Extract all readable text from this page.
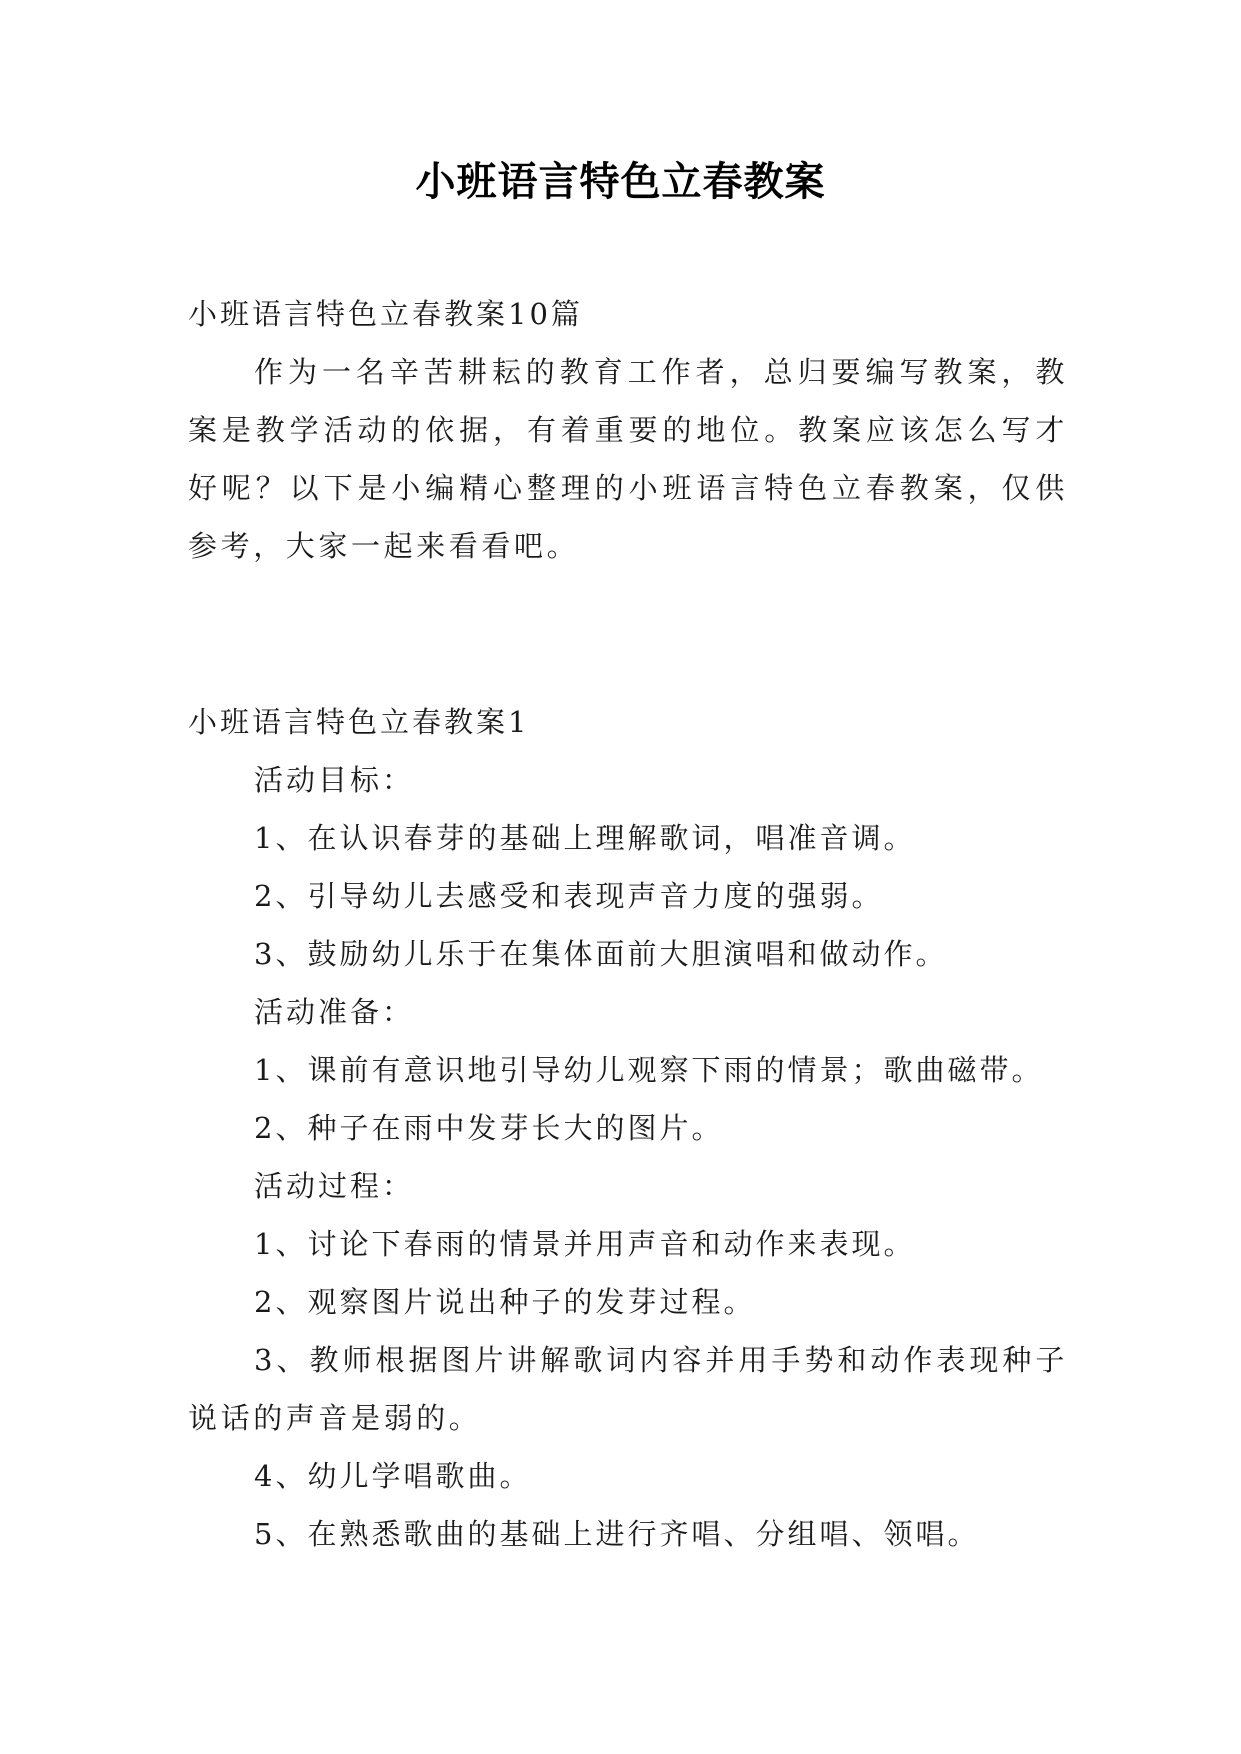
小班语言特色立春教案

小班语言特色立春教案10篇

作为一名辛苦耕耘的教育工作者，总归要编写教案，教案是教学活动的依据，有着重要的地位。教案应该怎么写才好呢？以下是小编精心整理的小班语言特色立春教案，仅供参考，大家一起来看看吧。

小班语言特色立春教案1

活动目标：

1、在认识春芽的基础上理解歌词，唱准音调。

2、引导幼儿去感受和表现声音力度的强弱。

3、鼓励幼儿乐于在集体面前大胆演唱和做动作。

活动准备：

1、课前有意识地引导幼儿观察下雨的情景；歌曲磁带。

2、种子在雨中发芽长大的图片。

活动过程：

1、讨论下春雨的情景并用声音和动作来表现。

2、观察图片说出种子的发芽过程。

3、教师根据图片讲解歌词内容并用手势和动作表现种子说话的声音是弱的。

4、幼儿学唱歌曲。

5、在熟悉歌曲的基础上进行齐唱、分组唱、领唱。
